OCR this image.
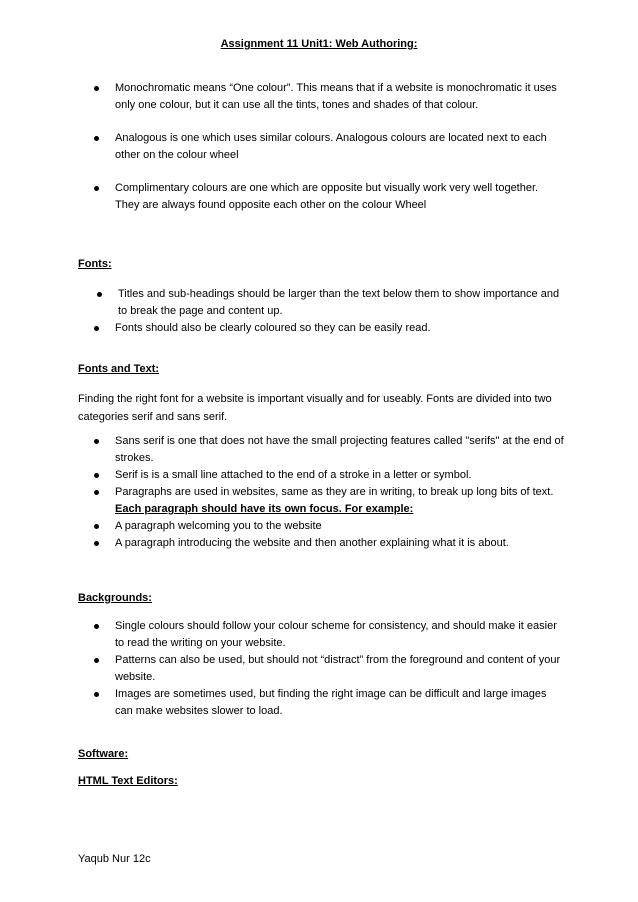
Assignment 11 Unit1: Web Authoring:
Monochromatic means “One colour”. This means that if a website is monochromatic it uses only one colour, but it can use all the tints, tones and shades of that colour.
Analogous is one which uses similar colours. Analogous colours are located next to each other on the colour wheel
Complimentary colours are one which are opposite but visually work very well together. They are always found opposite each other on the colour Wheel
Fonts:
Titles and sub-headings should be larger than the text below them to show importance and to break the page and content up.
Fonts should also be clearly coloured so they can be easily read.
Fonts and Text:
Finding the right font for a website is important visually and for useably. Fonts are divided into two categories serif and sans serif.
Sans serif is one that does not have the small projecting features called "serifs" at the end of strokes.
Serif is is a small line attached to the end of a stroke in a letter or symbol.
Paragraphs are used in websites, same as they are in writing, to break up long bits of text.
Each paragraph should have its own focus. For example:
A paragraph welcoming you to the website
A paragraph introducing the website and then another explaining what it is about.
Backgrounds:
Single colours should follow your colour scheme for consistency, and should make it easier to read the writing on your website.
Patterns can also be used, but should not “distract” from the foreground and content of your website.
Images are sometimes used, but finding the right image can be difficult and large images can make websites slower to load.
Software:
HTML Text Editors:
Yaqub Nur 12c
